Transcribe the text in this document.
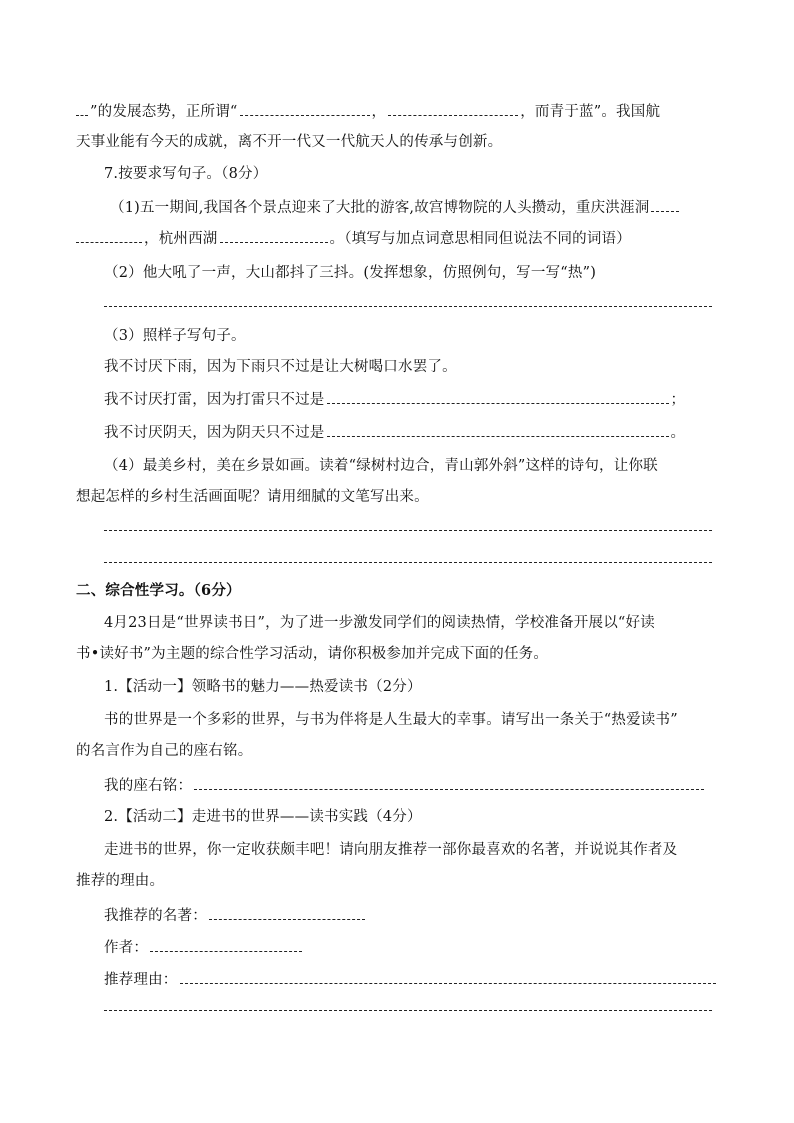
”的发展态势，正所谓“	，	，而青于蓝”。我国航
天事业能有今天的成就，离不开一代又一代航天人的传承与创新。
7.按要求写句子。（8分）
（1)五一期间,我国各个景点迎来了大批的游客,故宫博物院的人头攒动，重庆洪涯洞
，杭州西湖	。（填写与加点词意思相同但说法不同的词语）
（2）他大吼了一声，大山都抖了三抖。(发挥想象，仿照例句，写一写“热”)
（3）照样子写句子。
我不讨厌下雨，因为下雨只不过是让大树喝口水罢了。
我不讨厌打雷，因为打雷只不过是	；
我不讨厌阴天，因为阴天只不过是	。
（4）最美乡村，美在乡景如画。读着“绿树村边合，青山郭外斜”这样的诗句，让你联
想起怎样的乡村生活画面呢？请用细腻的文笔写出来。
二、综合性学习。（6分）
4月23日是“世界读书日”，为了进一步激发同学们的阅读热情，学校准备开展以“好读
书•读好书”为主题的综合性学习活动，请你积极参加并完成下面的任务。
1.【活动一】领略书的魅力——热爱读书（2分）
书的世界是一个多彩的世界，与书为伴将是人生最大的幸事。请写出一条关于“热爱读书”
的名言作为自己的座右铭。
我的座右铭：
2.【活动二】走进书的世界——读书实践（4分）
走进书的世界，你一定收获颇丰吧！请向朋友推荐一部你最喜欢的名著，并说说其作者及
推荐的理由。
我推荐的名著：
作者：
推荐理由：
